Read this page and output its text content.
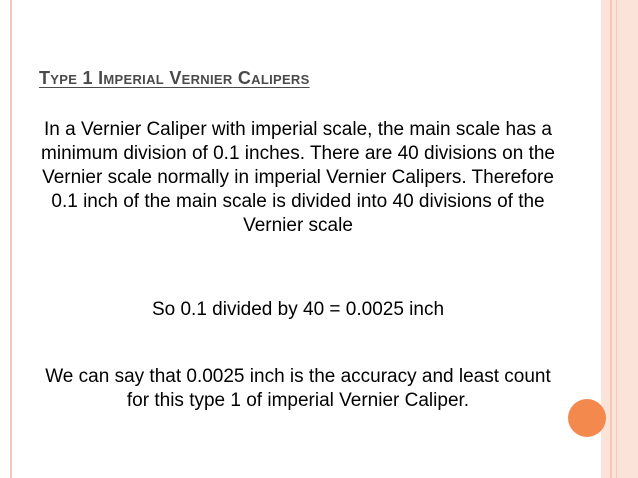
Type 1 Imperial Vernier Calipers
In a Vernier Caliper with imperial scale, the main scale has a minimum division of 0.1 inches. There are 40 divisions on the Vernier scale normally in imperial Vernier Calipers. Therefore 0.1 inch of the main scale is divided into 40 divisions of the Vernier scale
So 0.1 divided by 40 = 0.0025 inch
We can say that 0.0025 inch is the accuracy and least count for this type 1 of imperial Vernier Caliper.
